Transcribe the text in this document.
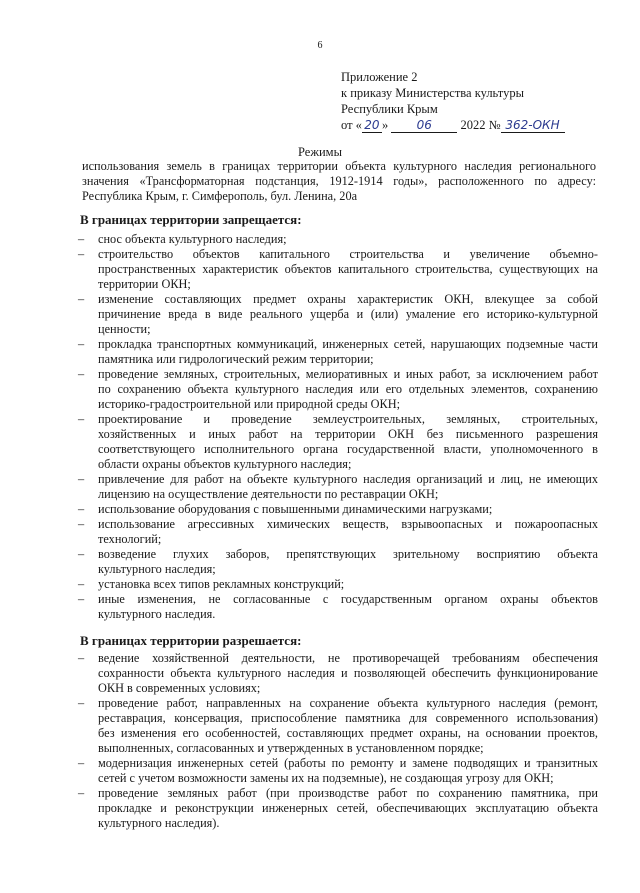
6
Приложение 2
к приказу Министерства культуры
Республики Крым
от « 20 » 06 2022 № 362-ОКН
Режимы
использования земель в границах территории объекта культурного наследия регионального
значения «Трансформаторная подстанция, 1912-1914 годы», расположенного по адресу:
Республика Крым, г. Симферополь, бул. Ленина, 20а
В границах территории запрещается:
– снос объекта культурного наследия;
– строительство объектов капитального строительства и увеличение объемно-
пространственных характеристик объектов капитального строительства, существующих на
территории ОКН;
– изменение составляющих предмет охраны характеристик ОКН, влекущее за собой
причинение вреда в виде реального ущерба и (или) умаление его историко-культурной
ценности;
– прокладка транспортных коммуникаций, инженерных сетей, нарушающих подземные части
памятника или гидрологический режим территории;
– проведение земляных, строительных, мелиоративных и иных работ, за исключением работ
по сохранению объекта культурного наследия или его отдельных элементов, сохранению
историко-градостроительной или природной среды ОКН;
– проектирование и проведение землеустроительных, земляных, строительных,
хозяйственных и иных работ на территории ОКН без письменного разрешения
соответствующего исполнительного органа государственной власти, уполномоченного в
области охраны объектов культурного наследия;
– привлечение для работ на объекте культурного наследия организаций и лиц, не имеющих
лицензию на осуществление деятельности по реставрации ОКН;
– использование оборудования с повышенными динамическими нагрузками;
– использование агрессивных химических веществ, взрывоопасных и пожароопасных
технологий;
– возведение глухих заборов, препятствующих зрительному восприятию объекта
культурного наследия;
– установка всех типов рекламных конструкций;
– иные изменения, не согласованные с государственным органом охраны объектов
культурного наследия.
В границах территории разрешается:
– ведение хозяйственной деятельности, не противоречащей требованиям обеспечения
сохранности объекта культурного наследия и позволяющей обеспечить функционирование
ОКН в современных условиях;
– проведение работ, направленных на сохранение объекта культурного наследия (ремонт,
реставрация, консервация, приспособление памятника для современного использования)
без изменения его особенностей, составляющих предмет охраны, на основании проектов,
выполненных, согласованных и утвержденных в установленном порядке;
– модернизация инженерных сетей (работы по ремонту и замене подводящих и транзитных
сетей с учетом возможности замены их на подземные), не создающая угрозу для ОКН;
– проведение земляных работ (при производстве работ по сохранению памятника, при
прокладке и реконструкции инженерных сетей, обеспечивающих эксплуатацию объекта
культурного наследия).
